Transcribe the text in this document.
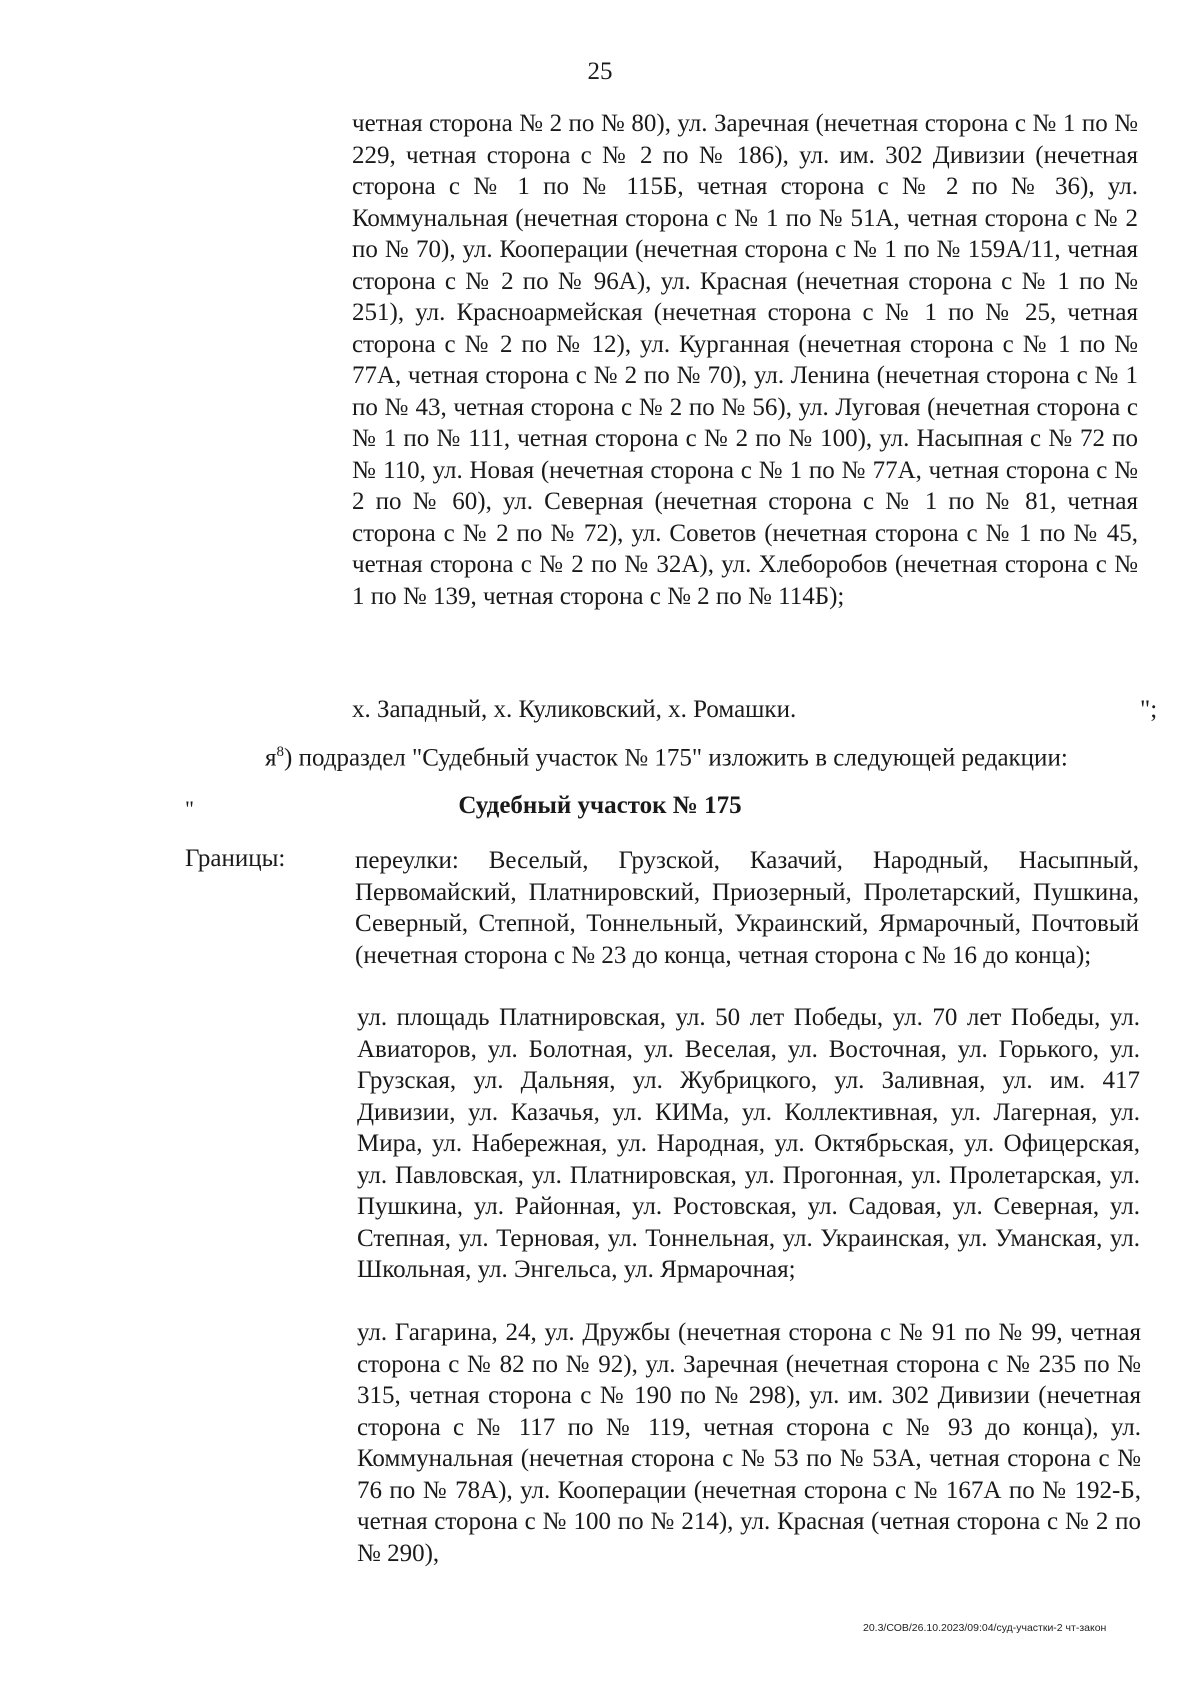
25
четная сторона № 2 по № 80), ул. Заречная (нечетная сторона с № 1 по № 229, четная сторона с № 2 по № 186), ул. им. 302 Дивизии (нечетная сторона с № 1 по № 115Б, четная сторона с № 2 по № 36), ул. Коммунальная (нечетная сторона с № 1 по № 51А, четная сторона с № 2 по № 70), ул. Кооперации (нечетная сторона с № 1 по № 159А/11, четная сторона с № 2 по № 96А), ул. Красная (нечетная сторона с № 1 по № 251), ул. Красноармейская (нечетная сторона с № 1 по № 25, четная сторона с № 2 по № 12), ул. Курганная (нечетная сторона с № 1 по № 77А, четная сторона с № 2 по № 70), ул. Ленина (нечетная сторона с № 1 по № 43, четная сторона с № 2 по № 56), ул. Луговая (нечетная сторона с № 1 по № 111, четная сторона с № 2 по № 100), ул. Насыпная с № 72 по № 110, ул. Новая (нечетная сторона с № 1 по № 77А, четная сторона с № 2 по № 60), ул. Северная (нечетная сторона с № 1 по № 81, четная сторона с № 2 по № 72), ул. Советов (нечетная сторона с № 1 по № 45, четная сторона с № 2 по № 32А), ул. Хлеборобов (нечетная сторона с № 1 по № 139, четная сторона с № 2 по № 114Б);
х. Западный, х. Куликовский, х. Ромашки.	";
$я^8$) подраздел "Судебный участок № 175" изложить в следующей редакции:
"	Судебный участок № 175
Границы:	переулки: Веселый, Грузской, Казачий, Народный, Насыпный, Первомайский, Платнировский, Приозерный, Пролетарский, Пушкина, Северный, Степной, Тоннельный, Украинский, Ярмарочный, Почтовый (нечетная сторона с № 23 до конца, четная сторона с № 16 до конца);
ул. площадь Платнировская, ул. 50 лет Победы, ул. 70 лет Победы, ул. Авиаторов, ул. Болотная, ул. Веселая, ул. Восточная, ул. Горького, ул. Грузская, ул. Дальняя, ул. Жубрицкого, ул. Заливная, ул. им. 417 Дивизии, ул. Казачья, ул. КИМа, ул. Коллективная, ул. Лагерная, ул. Мира, ул. Набережная, ул. Народная, ул. Октябрьская, ул. Офицерская, ул. Павловская, ул. Платнировская, ул. Прогонная, ул. Пролетарская, ул. Пушкина, ул. Районная, ул. Ростовская, ул. Садовая, ул. Северная, ул. Степная, ул. Терновая, ул. Тоннельная, ул. Украинская, ул. Уманская, ул. Школьная, ул. Энгельса, ул. Ярмарочная;
ул. Гагарина, 24, ул. Дружбы (нечетная сторона с № 91 по № 99, четная сторона с № 82 по № 92), ул. Заречная (нечетная сторона с № 235 по № 315, четная сторона с № 190 по № 298), ул. им. 302 Дивизии (нечетная сторона с № 117 по № 119, четная сторона с № 93 до конца), ул. Коммунальная (нечетная сторона с № 53 по № 53А, четная сторона с № 76 по № 78А), ул. Кооперации (нечетная сторона с № 167А по № 192-Б, четная сторона с № 100 по № 214), ул. Красная (четная сторона с № 2 по № 290),
20.3/СОВ/26.10.2023/09:04/суд-участки-2 чт-закон
